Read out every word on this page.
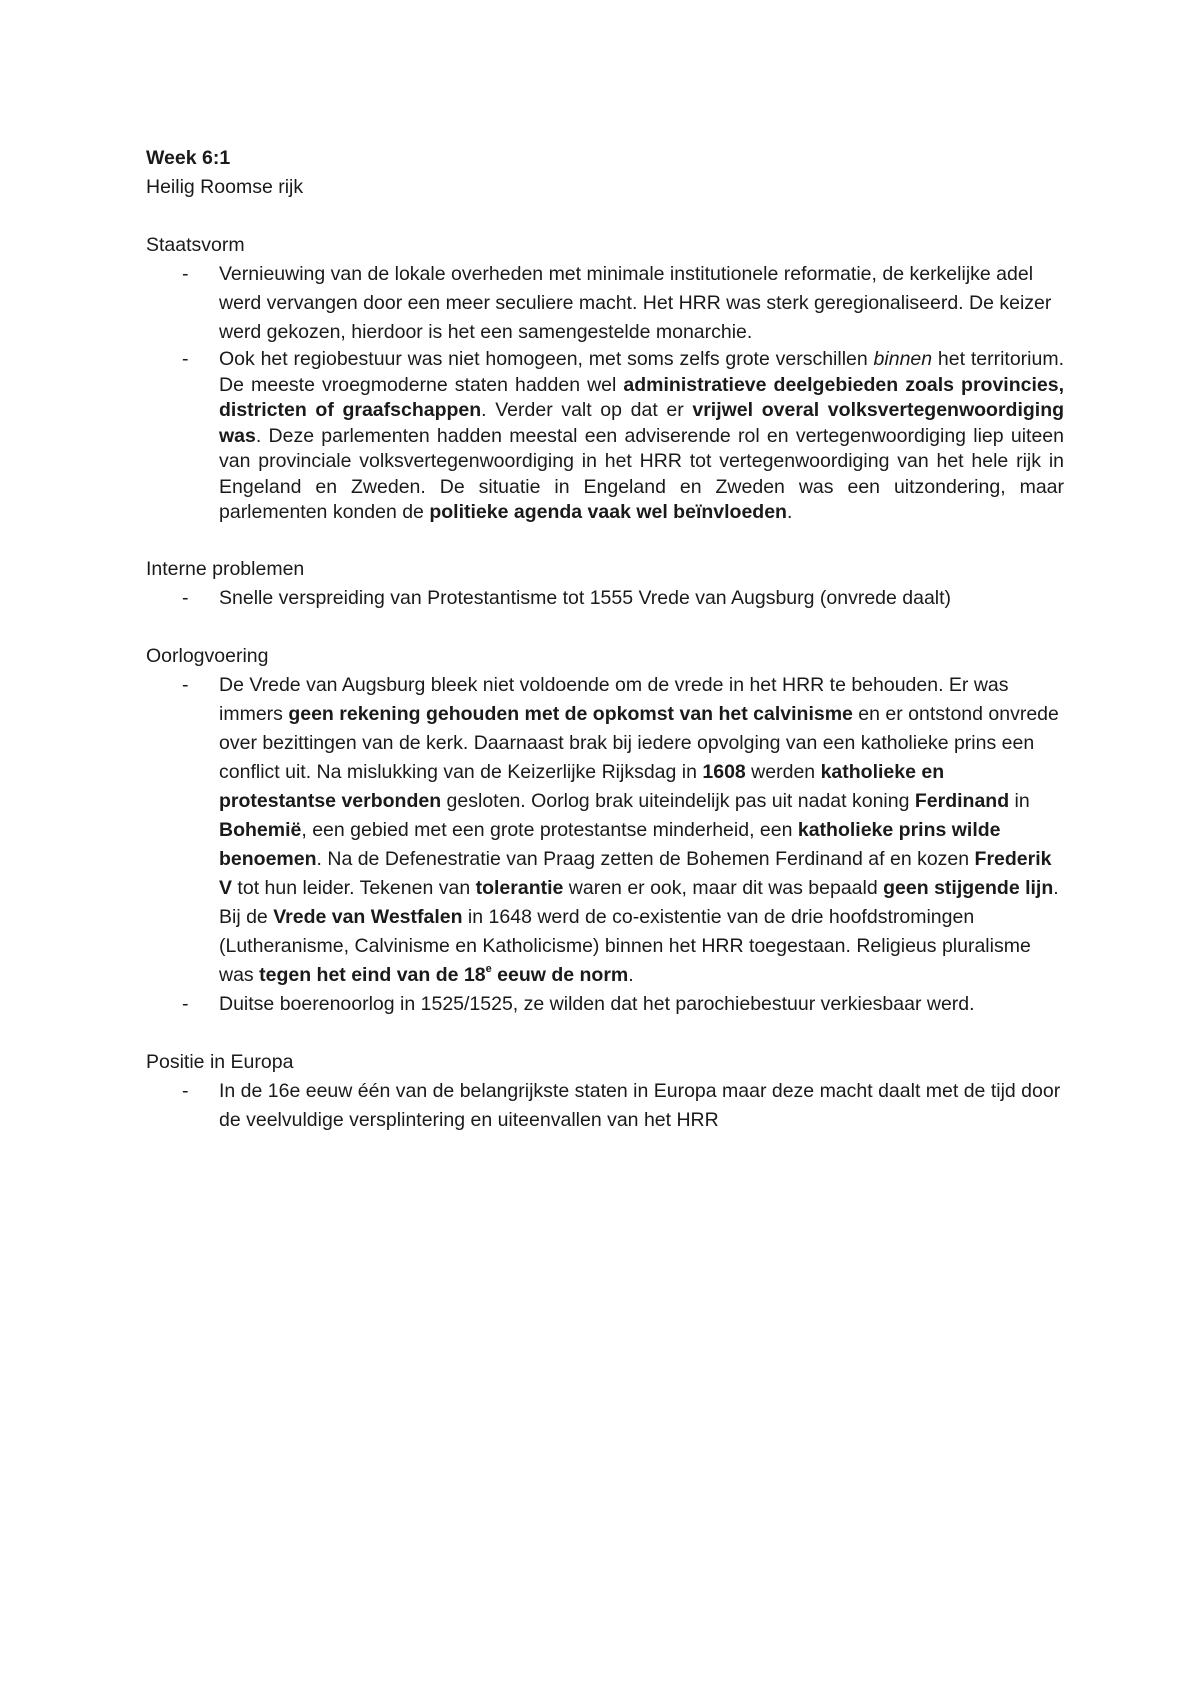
Week 6:1

Heilig Roomse rijk

Staatsvorm

- Vernieuwing van de lokale overheden met minimale institutionele reformatie, de kerkelijke adel werd vervangen door een meer seculiere macht. Het HRR was sterk geregionaliseerd. De keizer werd gekozen, hierdoor is het een samengestelde monarchie.
- Ook het regiobestuur was niet homogeen, met soms zelfs grote verschillen binnen het territorium. De meeste vroegmoderne staten hadden wel administratieve deelgebieden zoals provincies, districten of graafschappen. Verder valt op dat er vrijwel overal volksvertegenwoordiging was. Deze parlementen hadden meestal een adviserende rol en vertegenwoordiging liep uiteen van provinciale volksvertegenwoordiging in het HRR tot vertegenwoordiging van het hele rijk in Engeland en Zweden. De situatie in Engeland en Zweden was een uitzondering, maar parlementen konden de politieke agenda vaak wel beïnvloeden.

Interne problemen

- Snelle verspreiding van Protestantisme tot 1555 Vrede van Augsburg (onvrede daalt)

Oorlogvoering

- De Vrede van Augsburg bleek niet voldoende om de vrede in het HRR te behouden. Er was immers geen rekening gehouden met de opkomst van het calvinisme en er ontstond onvrede over bezittingen van de kerk. Daarnaast brak bij iedere opvolging van een katholieke prins een conflict uit. Na mislukking van de Keizerlijke Rijksdag in 1608 werden katholieke en protestantse verbonden gesloten. Oorlog brak uiteindelijk pas uit nadat koning Ferdinand in Bohemië, een gebied met een grote protestantse minderheid, een katholieke prins wilde benoemen. Na de Defenestratie van Praag zetten de Bohemen Ferdinand af en kozen Frederik V tot hun leider. Tekenen van tolerantie waren er ook, maar dit was bepaald geen stijgende lijn. Bij de Vrede van Westfalen in 1648 werd de co-existentie van de drie hoofdstromingen (Lutheranisme, Calvinisme en Katholicisme) binnen het HRR toegestaan. Religieus pluralisme was tegen het eind van de 18e eeuw de norm.
- Duitse boerenoorlog in 1525/1525, ze wilden dat het parochiebestuur verkiesbaar werd.

Positie in Europa

- In de 16e eeuw één van de belangrijkste staten in Europa maar deze macht daalt met de tijd door de veelvuldige versplintering en uiteenvallen van het HRR
